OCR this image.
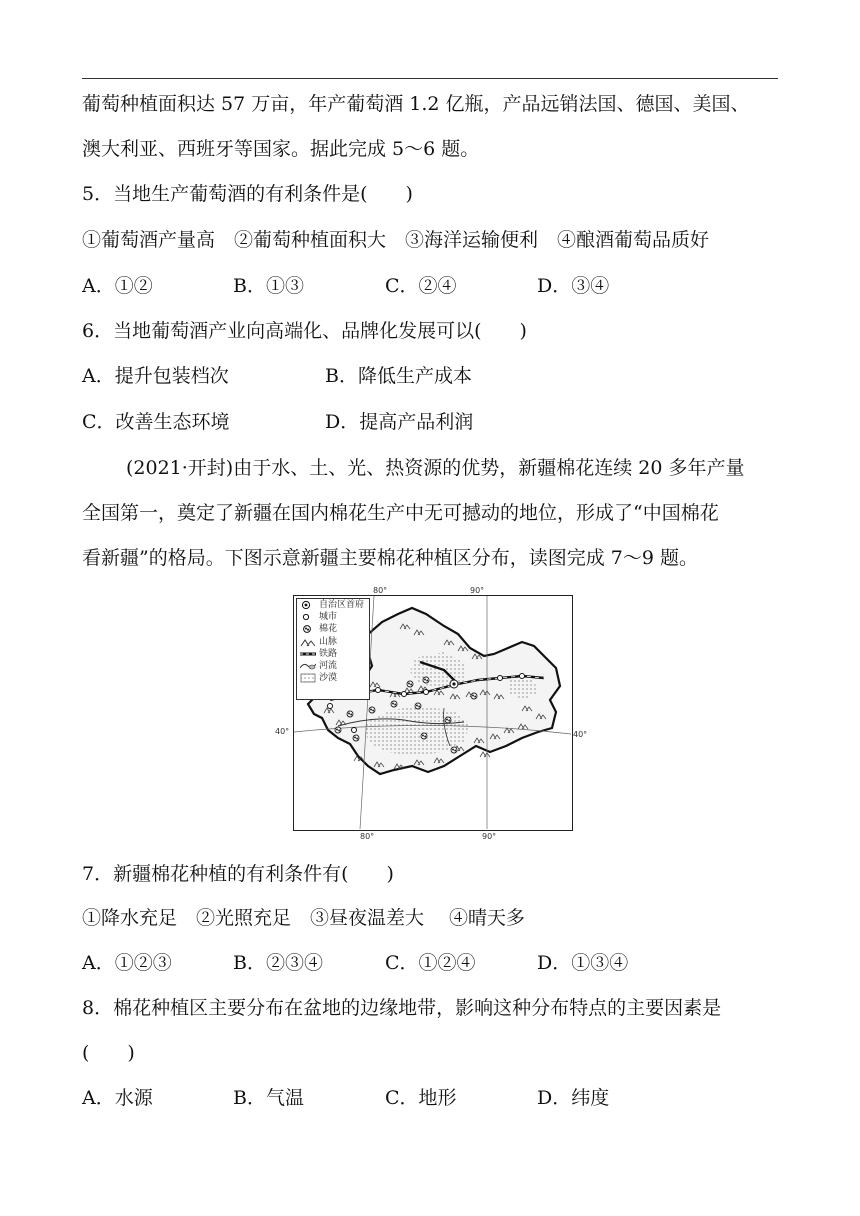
葡萄种植面积达 57 万亩，年产葡萄酒 1.2 亿瓶，产品远销法国、德国、美国、
澳大利亚、西班牙等国家。据此完成 5～6 题。
5．当地生产葡萄酒的有利条件是(　　)
①葡萄酒产量高　②葡萄种植面积大　③海洋运输便利　④酿酒葡萄品质好
A．①②	B．①③	C．②④	D．③④
6．当地葡萄酒产业向高端化、品牌化发展可以(　　)
A．提升包装档次	B．降低生产成本
C．改善生态环境	D．提高产品利润
(2021·开封)由于水、土、光、热资源的优势，新疆棉花连续 20 多年产量
全国第一，奠定了新疆在国内棉花生产中无可撼动的地位，形成了“中国棉花
看新疆”的格局。下图示意新疆主要棉花种植区分布，读图完成 7～9 题。
80°	90°
40°	40°
80°	90°
自治区首府
城市
棉花
山脉
铁路
河流
沙漠
7．新疆棉花种植的有利条件有(　　)
①降水充足　②光照充足　③昼夜温差大　 ④晴天多
A．①②③	B．②③④	C．①②④	D．①③④
8．棉花种植区主要分布在盆地的边缘地带，影响这种分布特点的主要因素是
(　　)
A．水源	B．气温	C．地形	D．纬度
